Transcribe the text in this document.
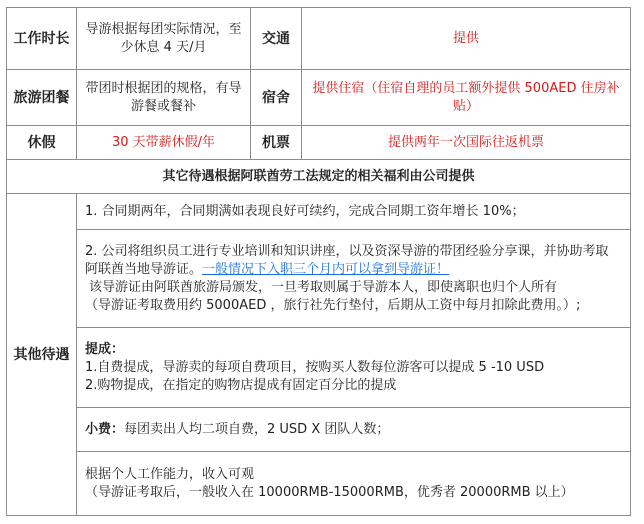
工作时长	导游根据每团实际情况，至少休息 4 天/月	交通	提供
旅游团餐	带团时根据团的规格，有导游餐或餐补	宿舍	提供住宿（住宿自理的员工额外提供 500AED 住房补贴）
休假	30 天带薪休假/年	机票	提供两年一次国际往返机票
其它待遇根据阿联酋劳工法规定的相关福利由公司提供			
其他待遇	1. 合同期两年，合同期满如表现良好可续约，完成合同期工资年增长 10%；		

	2. 公司将组织员工进行专业培训和知识讲座，以及资深导游的带团经验分享课，并协助考取阿联酋当地导游证。一般情况下入职三个月内可以拿到导游证！

该导游证由阿联酋旅游局颁发，一旦考取则属于导游本人，即使离职也归个人所有

（导游证考取费用约 5000AED ，旅行社先行垫付，后期从工资中每月扣除此费用。）;		

	提成：

1.自费提成，导游卖的每项自费项目，按购买人数每位游客可以提成 5 -10 USD

2.购物提成，在指定的购物店提成有固定百分比的提成		

	小费：每团卖出人均二项自费，2 USD X 团队人数；		

	根据个人工作能力，收入可观

（导游证考取后，一般收入在 10000RMB-15000RMB，优秀者 20000RMB 以上）		
